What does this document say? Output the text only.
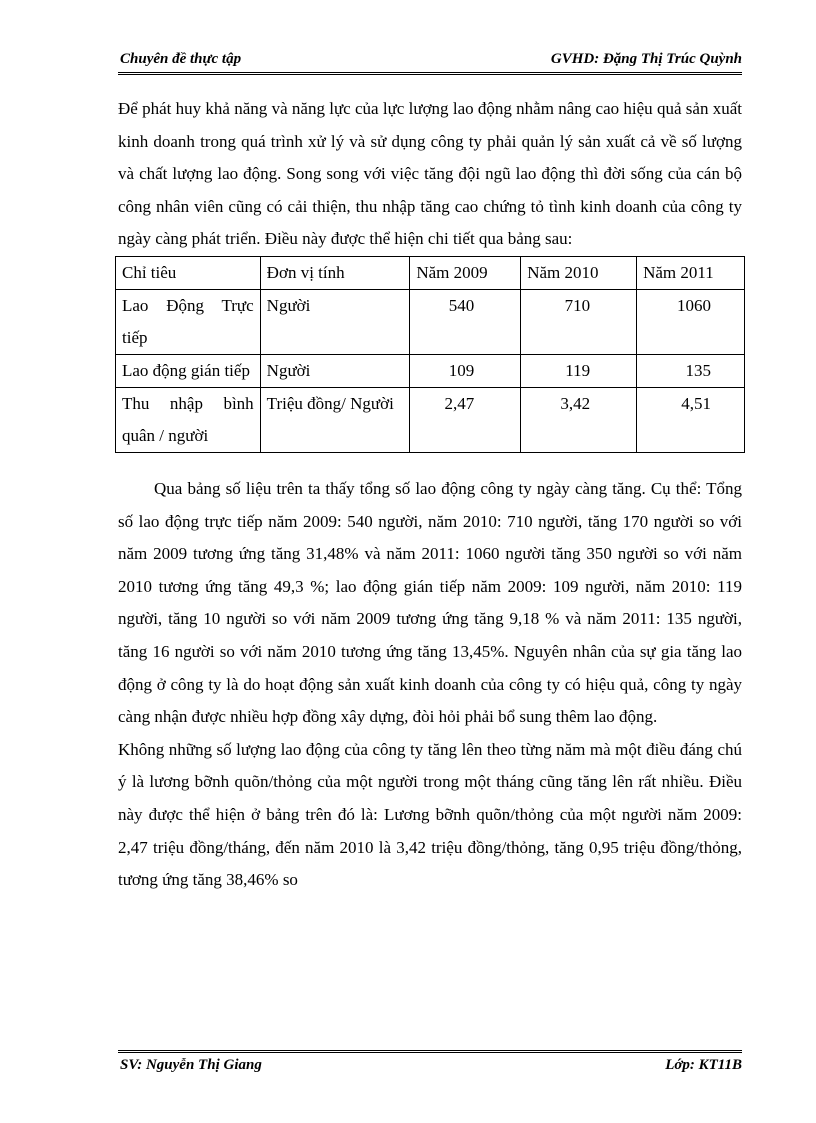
Chuyên đề thực tập	GVHD: Đặng Thị Trúc Quỳnh

Để phát huy khả năng và năng lực của lực lượng lao động nhằm nâng cao hiệu quả sản xuất kinh doanh trong quá trình xử lý và sử dụng công ty phải quản lý sản xuất cả về số lượng và chất lượng lao động. Song song với việc tăng đội ngũ lao động thì đời sống của cán bộ công nhân viên cũng có cải thiện, thu nhập tăng cao chứng tỏ tình kinh doanh của công ty ngày càng phát triển. Điều này được thể hiện chi tiết qua bảng sau:

Chỉ tiêu	Đơn vị tính	Năm 2009	Năm 2010	Năm 2011
Lao Động Trực tiếp	Người	540	710	1060
Lao động gián tiếp	Người	109	119	135
Thu nhập bình quân / người	Triệu đồng/ Người	2,47	3,42	4,51

Qua bảng số liệu trên ta thấy tổng số lao động công ty ngày càng tăng. Cụ thể: Tổng số lao động trực tiếp năm 2009: 540 người, năm 2010: 710 người, tăng 170 người so với năm 2009 tương ứng tăng 31,48% và năm 2011: 1060 người tăng 350 người so với năm 2010 tương ứng tăng 49,3 %; lao động gián tiếp năm 2009: 109 người, năm 2010: 119 người, tăng 10 người so với năm 2009 tương ứng tăng 9,18 % và năm 2011: 135 người, tăng 16 người so với năm 2010 tương ứng tăng 13,45%. Nguyên nhân của sự gia tăng lao động ở công ty là do hoạt động sản xuất kinh doanh của công ty có hiệu quả, công ty ngày càng nhận được nhiều hợp đồng xây dựng, đòi hỏi phải bổ sung thêm lao động.

Không những số lượng lao động của công ty tăng lên theo từng năm mà một điều đáng chú ý là lương bỡnh quõn/thỏng của một người trong một tháng cũng tăng lên rất nhiều. Điều này được thể hiện ở bảng trên đó là: Lương bỡnh quõn/thỏng của một người năm 2009: 2,47 triệu đồng/tháng, đến năm 2010 là 3,42 triệu đồng/thỏng, tăng 0,95 triệu đồng/thỏng, tương ứng tăng 38,46% so

SV: Nguyễn Thị Giang	Lớp: KT11B
